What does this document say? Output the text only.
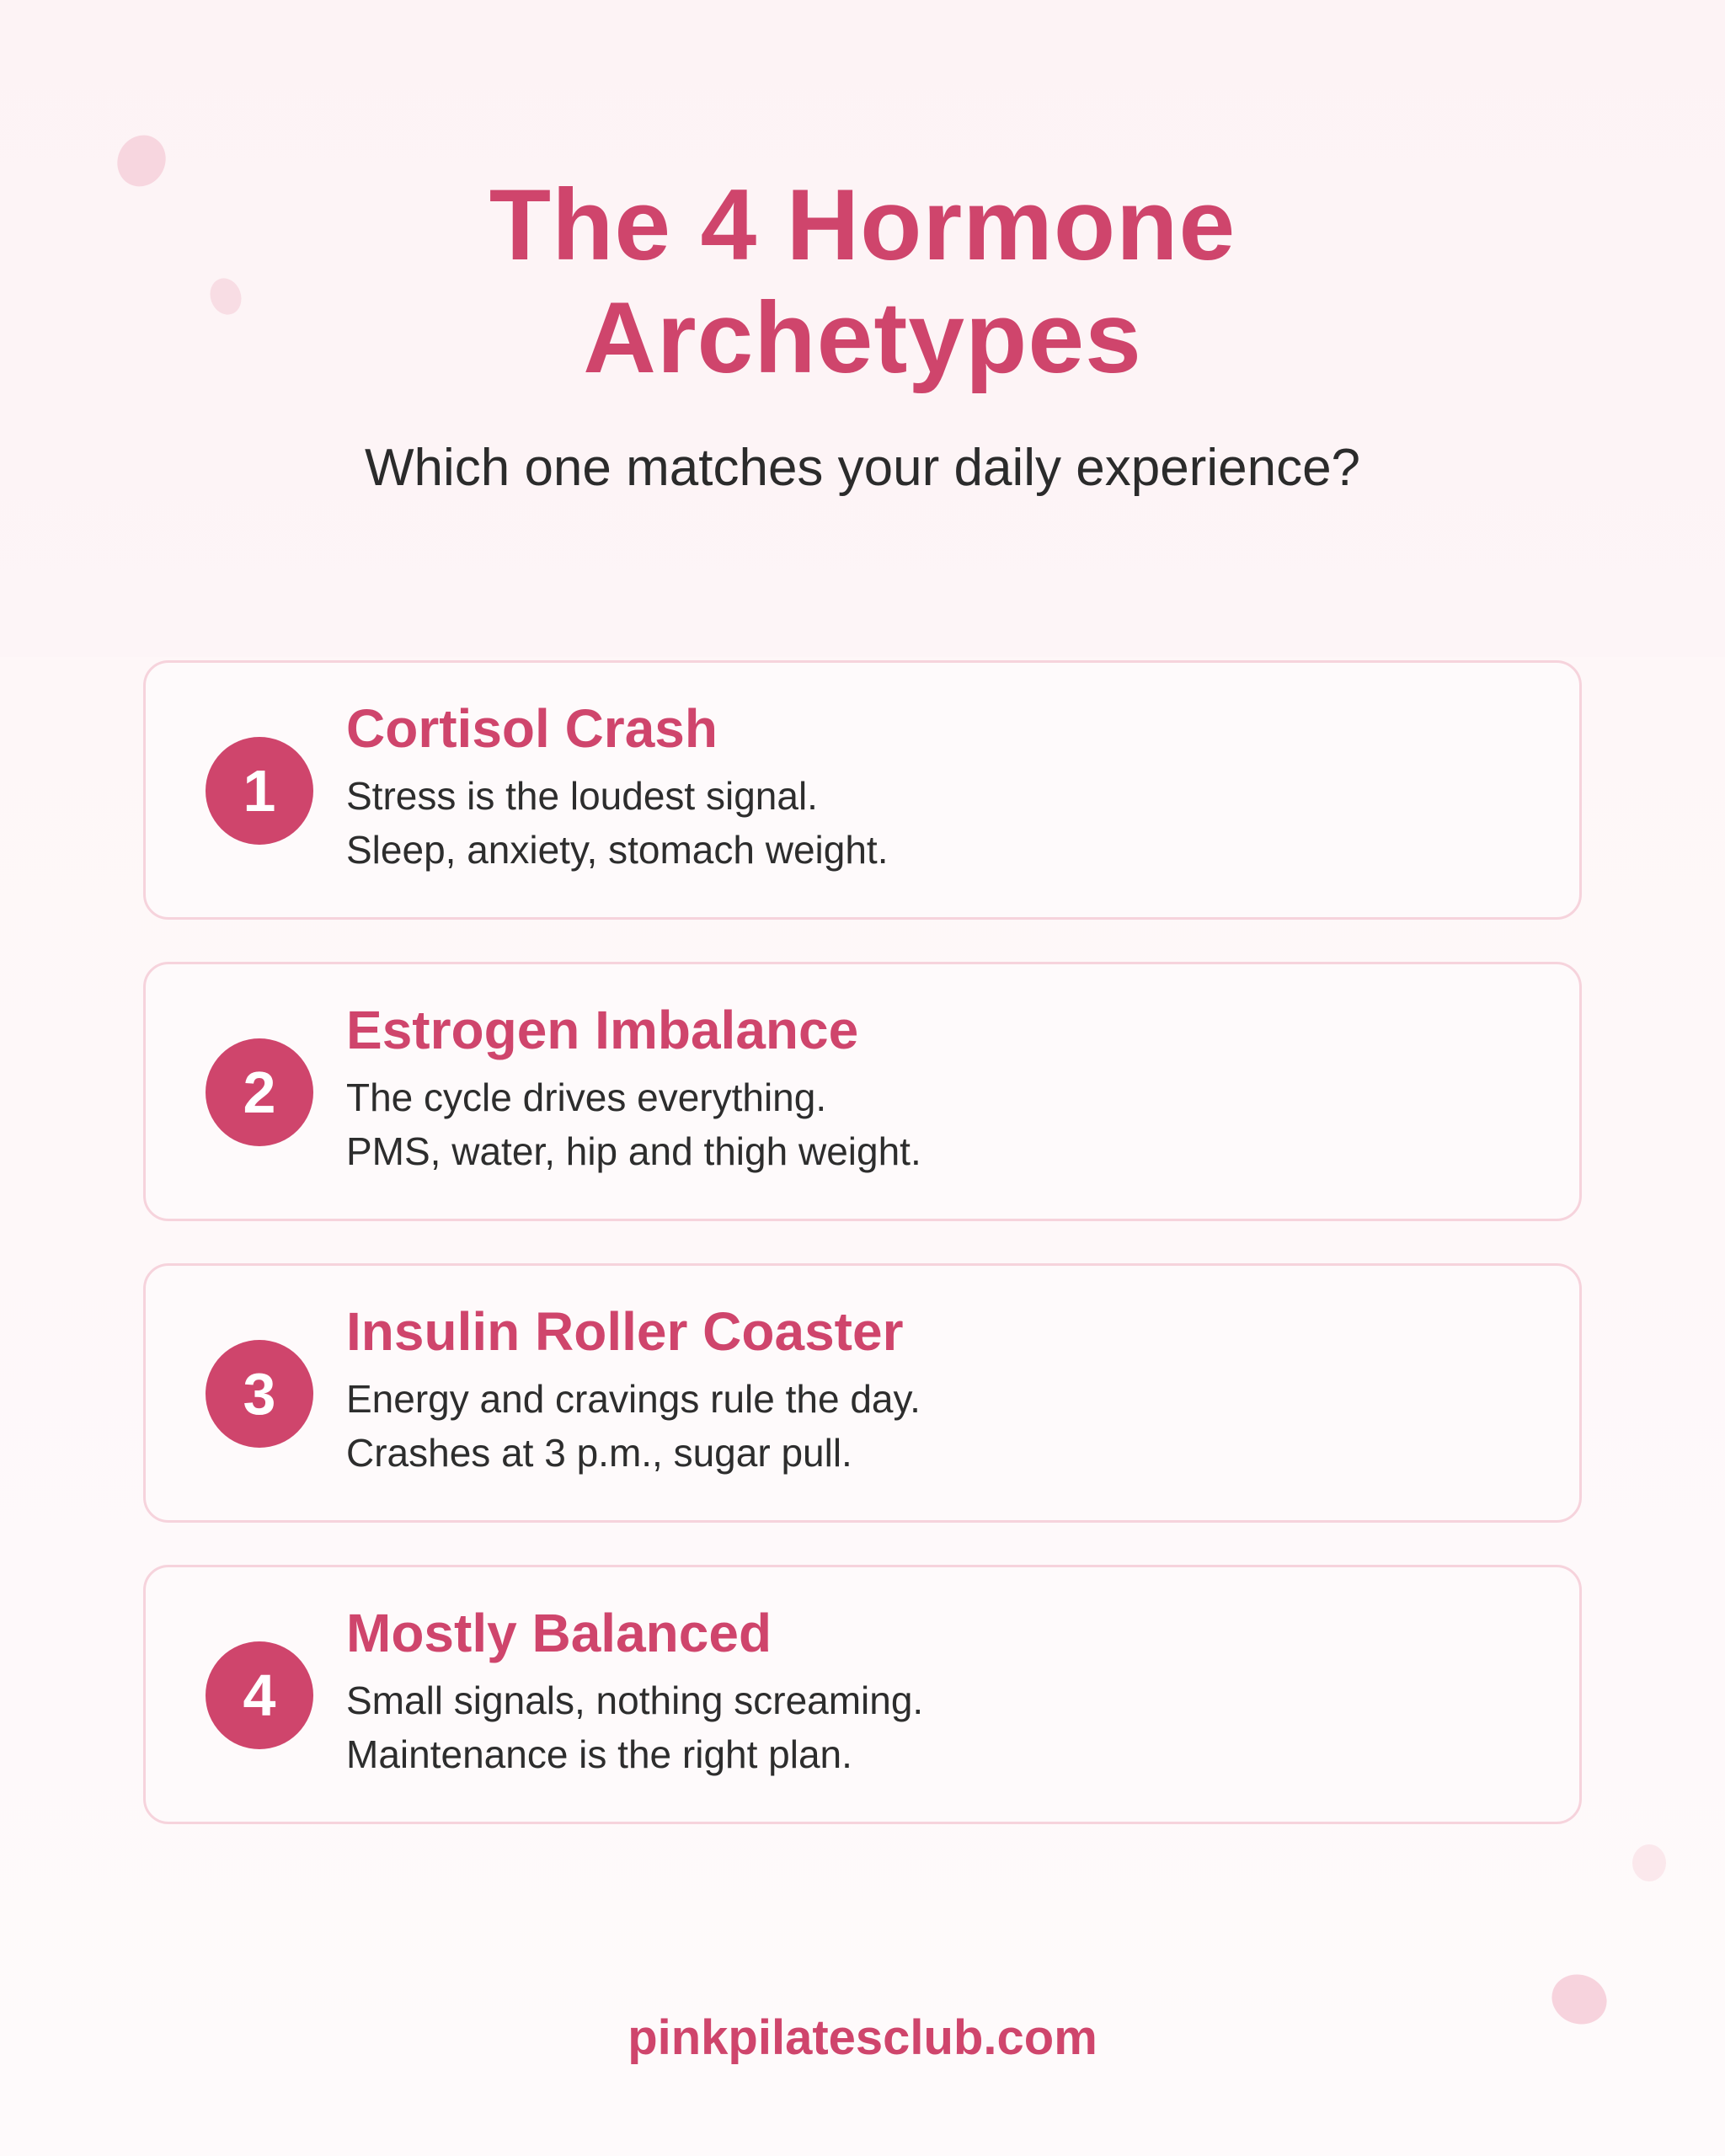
The 4 Hormone
Archetypes
Which one matches your daily experience?
1
Cortisol Crash
Stress is the loudest signal.
Sleep, anxiety, stomach weight.
2
Estrogen Imbalance
The cycle drives everything.
PMS, water, hip and thigh weight.
3
Insulin Roller Coaster
Energy and cravings rule the day.
Crashes at 3 p.m., sugar pull.
4
Mostly Balanced
Small signals, nothing screaming.
Maintenance is the right plan.
pinkpilatesclub.com
